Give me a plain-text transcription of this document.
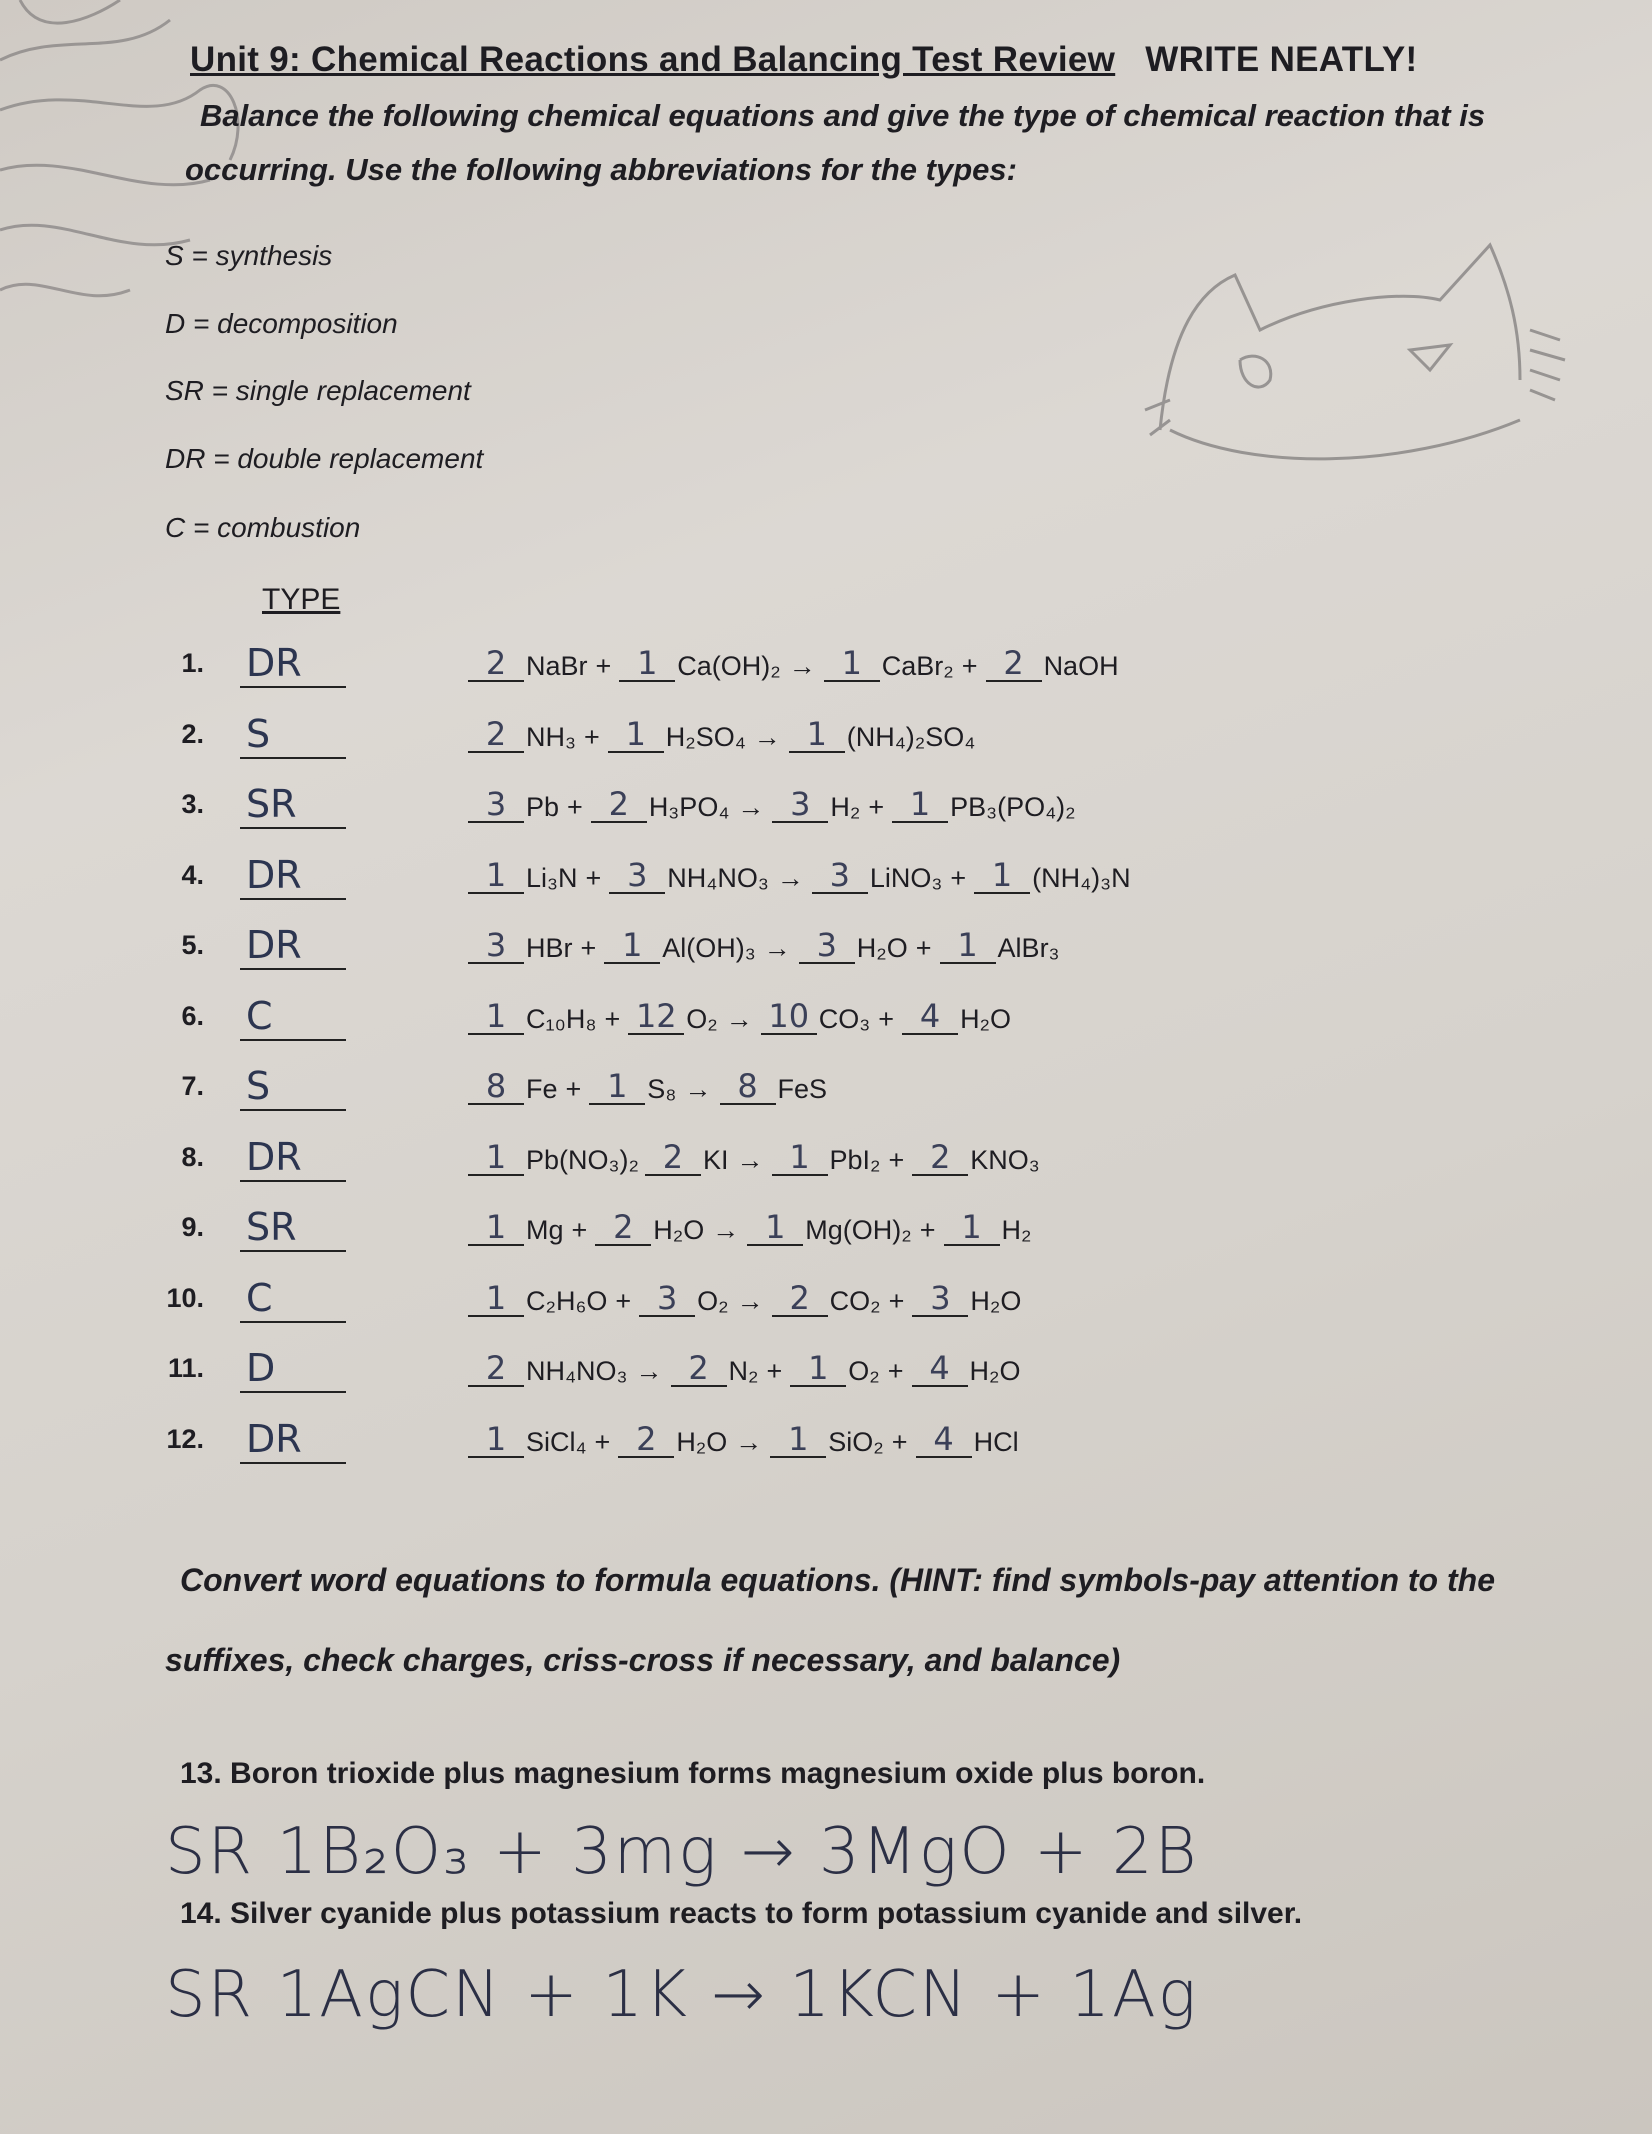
Unit 9: Chemical Reactions and Balancing Test Review WRITE NEATLY!
Balance the following chemical equations and give the type of chemical reaction that is
occurring. Use the following abbreviations for the types:
S = synthesis
D = decomposition
SR = single replacement
DR = double replacement
C = combustion
TYPE
1. DR	2 NaBr + 1 Ca(OH)₂ → 1 CaBr₂ + 2 NaOH
2. S	2 NH₃ + 1 H₂SO₄ → 1 (NH₄)₂SO₄
3. SR	3 Pb + 2 H₃PO₄ → 3 H₂ + 1 PB₃(PO₄)₂
4. DR	1 Li₃N + 3 NH₄NO₃ → 3 LiNO₃ + 1 (NH₄)₃N
5. DR	3 HBr + 1 Al(OH)₃ → 3 H₂O + 1 AlBr₃
6. C	1 C₁₀H₈ + 12 O₂ → 10 CO₃ + 4 H₂O
7. S	8 Fe + 1 S₈ → 8 FeS
8. DR	1 Pb(NO₃)₂ 2 KI → 1 PbI₂ + 2 KNO₃
9. SR	1 Mg + 2 H₂O → 1 Mg(OH)₂ + 1 H₂
10. C	1 C₂H₆O + 3 O₂ → 2 CO₂ + 3 H₂O
11. D	2 NH₄NO₃ → 2 N₂ + 1 O₂ + 4 H₂O
12. DR	1 SiCl₄ + 2 H₂O → 1 SiO₂ + 4 HCl
Convert word equations to formula equations. (HINT: find symbols-pay attention to the
suffixes, check charges, criss-cross if necessary, and balance)
13. Boron trioxide plus magnesium forms magnesium oxide plus boron.
SR 1B₂O₃ + 3mg → 3MgO + 2B
14. Silver cyanide plus potassium reacts to form potassium cyanide and silver.
SR 1AgCN + 1K → 1KCN + 1Ag
